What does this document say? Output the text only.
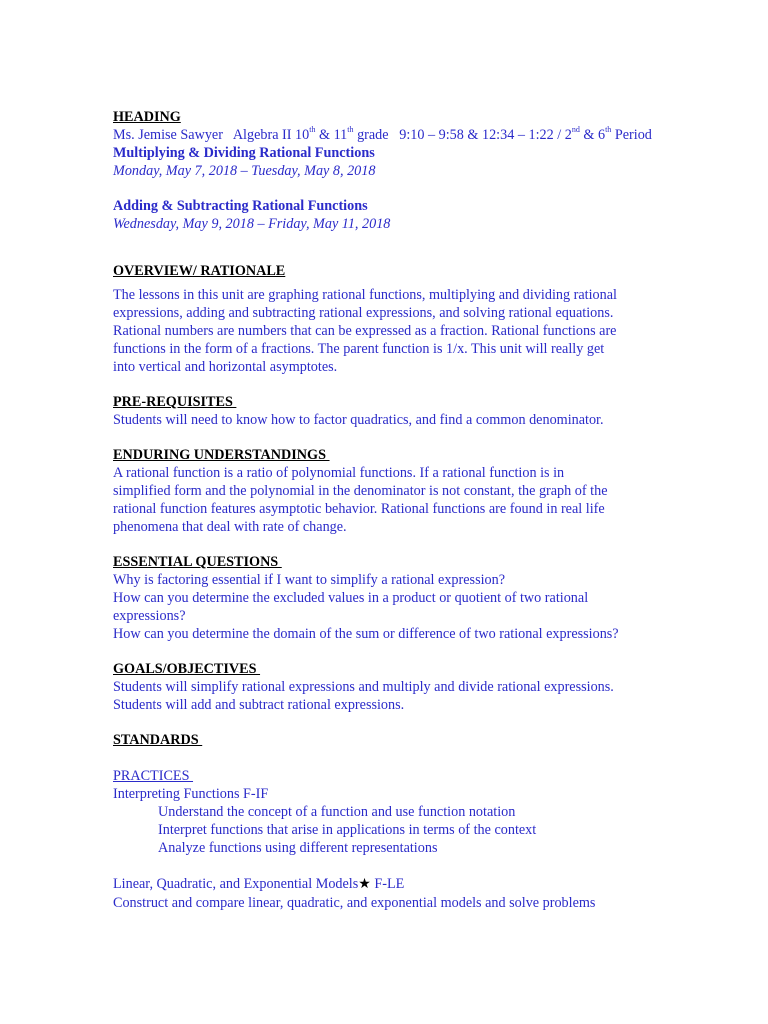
HEADING
Ms. Jemise Sawyer Algebra II 10th & 11th grade 9:10 – 9:58 & 12:34 – 1:22 / 2nd & 6th Period
Multiplying & Dividing Rational Functions
Monday, May 7, 2018 – Tuesday, May 8, 2018
Adding & Subtracting Rational Functions
Wednesday, May 9, 2018 – Friday, May 11, 2018
OVERVIEW/ RATIONALE
The lessons in this unit are graphing rational functions, multiplying and dividing rational
expressions, adding and subtracting rational expressions, and solving rational equations.
Rational numbers are numbers that can be expressed as a fraction. Rational functions are
functions in the form of a fractions. The parent function is 1/x. This unit will really get
into vertical and horizontal asymptotes.
PRE-REQUISITES
Students will need to know how to factor quadratics, and find a common denominator.
ENDURING UNDERSTANDINGS
A rational function is a ratio of polynomial functions. If a rational function is in
simplified form and the polynomial in the denominator is not constant, the graph of the
rational function features asymptotic behavior. Rational functions are found in real life
phenomena that deal with rate of change.
ESSENTIAL QUESTIONS
Why is factoring essential if I want to simplify a rational expression?
How can you determine the excluded values in a product or quotient of two rational
expressions?
How can you determine the domain of the sum or difference of two rational expressions?
GOALS/OBJECTIVES
Students will simplify rational expressions and multiply and divide rational expressions.
Students will add and subtract rational expressions.
STANDARDS
PRACTICES
Interpreting Functions F-IF
Understand the concept of a function and use function notation
Interpret functions that arise in applications in terms of the context
Analyze functions using different representations
Linear, Quadratic, and Exponential Models★ F-LE
Construct and compare linear, quadratic, and exponential models and solve problems
